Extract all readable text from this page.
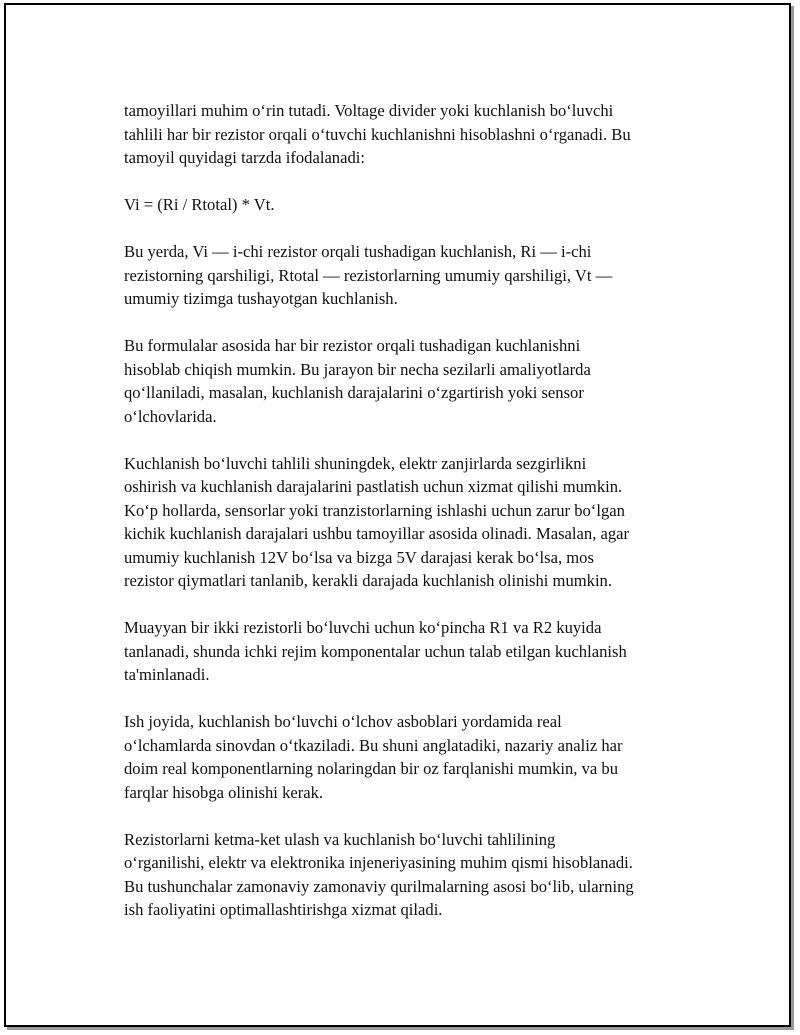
tamoyillari muhim o‘rin tutadi. Voltage divider yoki kuchlanish bo‘luvchi
tahlili har bir rezistor orqali o‘tuvchi kuchlanishni hisoblashni o‘rganadi. Bu
tamoyil quyidagi tarzda ifodalanadi:

Vi = (Ri / Rtotal) * Vt.

Bu yerda, Vi — i-chi rezistor orqali tushadigan kuchlanish, Ri — i-chi
rezistorning qarshiligi, Rtotal — rezistorlarning umumiy qarshiligi, Vt —
umumiy tizimga tushayotgan kuchlanish.

Bu formulalar asosida har bir rezistor orqali tushadigan kuchlanishni
hisoblab chiqish mumkin. Bu jarayon bir necha sezilarli amaliyotlarda
qo‘llaniladi, masalan, kuchlanish darajalarini o‘zgartirish yoki sensor
o‘lchovlarida.

Kuchlanish bo‘luvchi tahlili shuningdek, elektr zanjirlarda sezgirlikni
oshirish va kuchlanish darajalarini pastlatish uchun xizmat qilishi mumkin.
Ko‘p hollarda, sensorlar yoki tranzistorlarning ishlashi uchun zarur bo‘lgan
kichik kuchlanish darajalari ushbu tamoyillar asosida olinadi. Masalan, agar
umumiy kuchlanish 12V bo‘lsa va bizga 5V darajasi kerak bo‘lsa, mos
rezistor qiymatlari tanlanib, kerakli darajada kuchlanish olinishi mumkin.

Muayyan bir ikki rezistorli bo‘luvchi uchun ko‘pincha R1 va R2 kuyida
tanlanadi, shunda ichki rejim komponentalar uchun talab etilgan kuchlanish
ta'minlanadi.

Ish joyida, kuchlanish bo‘luvchi o‘lchov asboblari yordamida real
o‘lchamlarda sinovdan o‘tkaziladi. Bu shuni anglatadiki, nazariy analiz har
doim real komponentlarning nolaringdan bir oz farqlanishi mumkin, va bu
farqlar hisobga olinishi kerak.

Rezistorlarni ketma-ket ulash va kuchlanish bo‘luvchi tahlilining
o‘rganilishi, elektr va elektronika injeneriyasining muhim qismi hisoblanadi.
Bu tushunchalar zamonaviy zamonaviy qurilmalarning asosi bo‘lib, ularning
ish faoliyatini optimallashtirishga xizmat qiladi.
